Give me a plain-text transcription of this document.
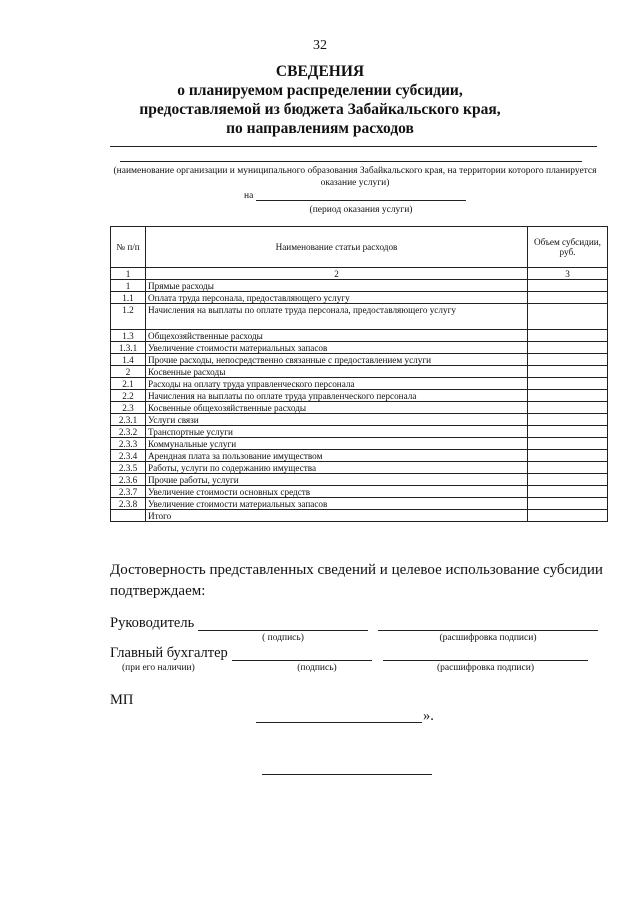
32
СВЕДЕНИЯ
о планируемом распределении субсидии,
предоставляемой из бюджета Забайкальского края,
по направлениям расходов
(наименование организации и муниципального образования Забайкальского края, на территории которого планируется оказание услуги)
на
(период оказания услуги)
№ п/п	Наименование статьи расходов	Объем субсидии, руб.
1	2	3
1	Прямые расходы	
1.1	Оплата труда персонала, предоставляющего услугу	
1.2	Начисления на выплаты по оплате труда персонала, предоставляющего услугу	
1.3	Общехозяйственные расходы	
1.3.1	Увеличение стоимости материальных запасов	
1.4	Прочие расходы, непосредственно связанные с предоставлением услуги	
2	Косвенные расходы	
2.1	Расходы на оплату труда управленческого персонала	
2.2	Начисления на выплаты по оплате труда управленческого персонала	
2.3	Косвенные общехозяйственные расходы	
2.3.1	Услуги связи	
2.3.2	Транспортные услуги	
2.3.3	Коммунальные услуги	
2.3.4	Арендная плата за пользование имуществом	
2.3.5	Работы, услуги по содержанию имущества	
2.3.6	Прочие работы, услуги	
2.3.7	Увеличение стоимости основных средств	
2.3.8	Увеличение стоимости материальных запасов	
	Итого	
Достоверность представленных сведений и целевое использование субсидии подтверждаем:
Руководитель
( подпись)	(расшифровка подписи)
Главный бухгалтер
(при его наличии)	(подпись)	(расшифровка подписи)
МП
».
